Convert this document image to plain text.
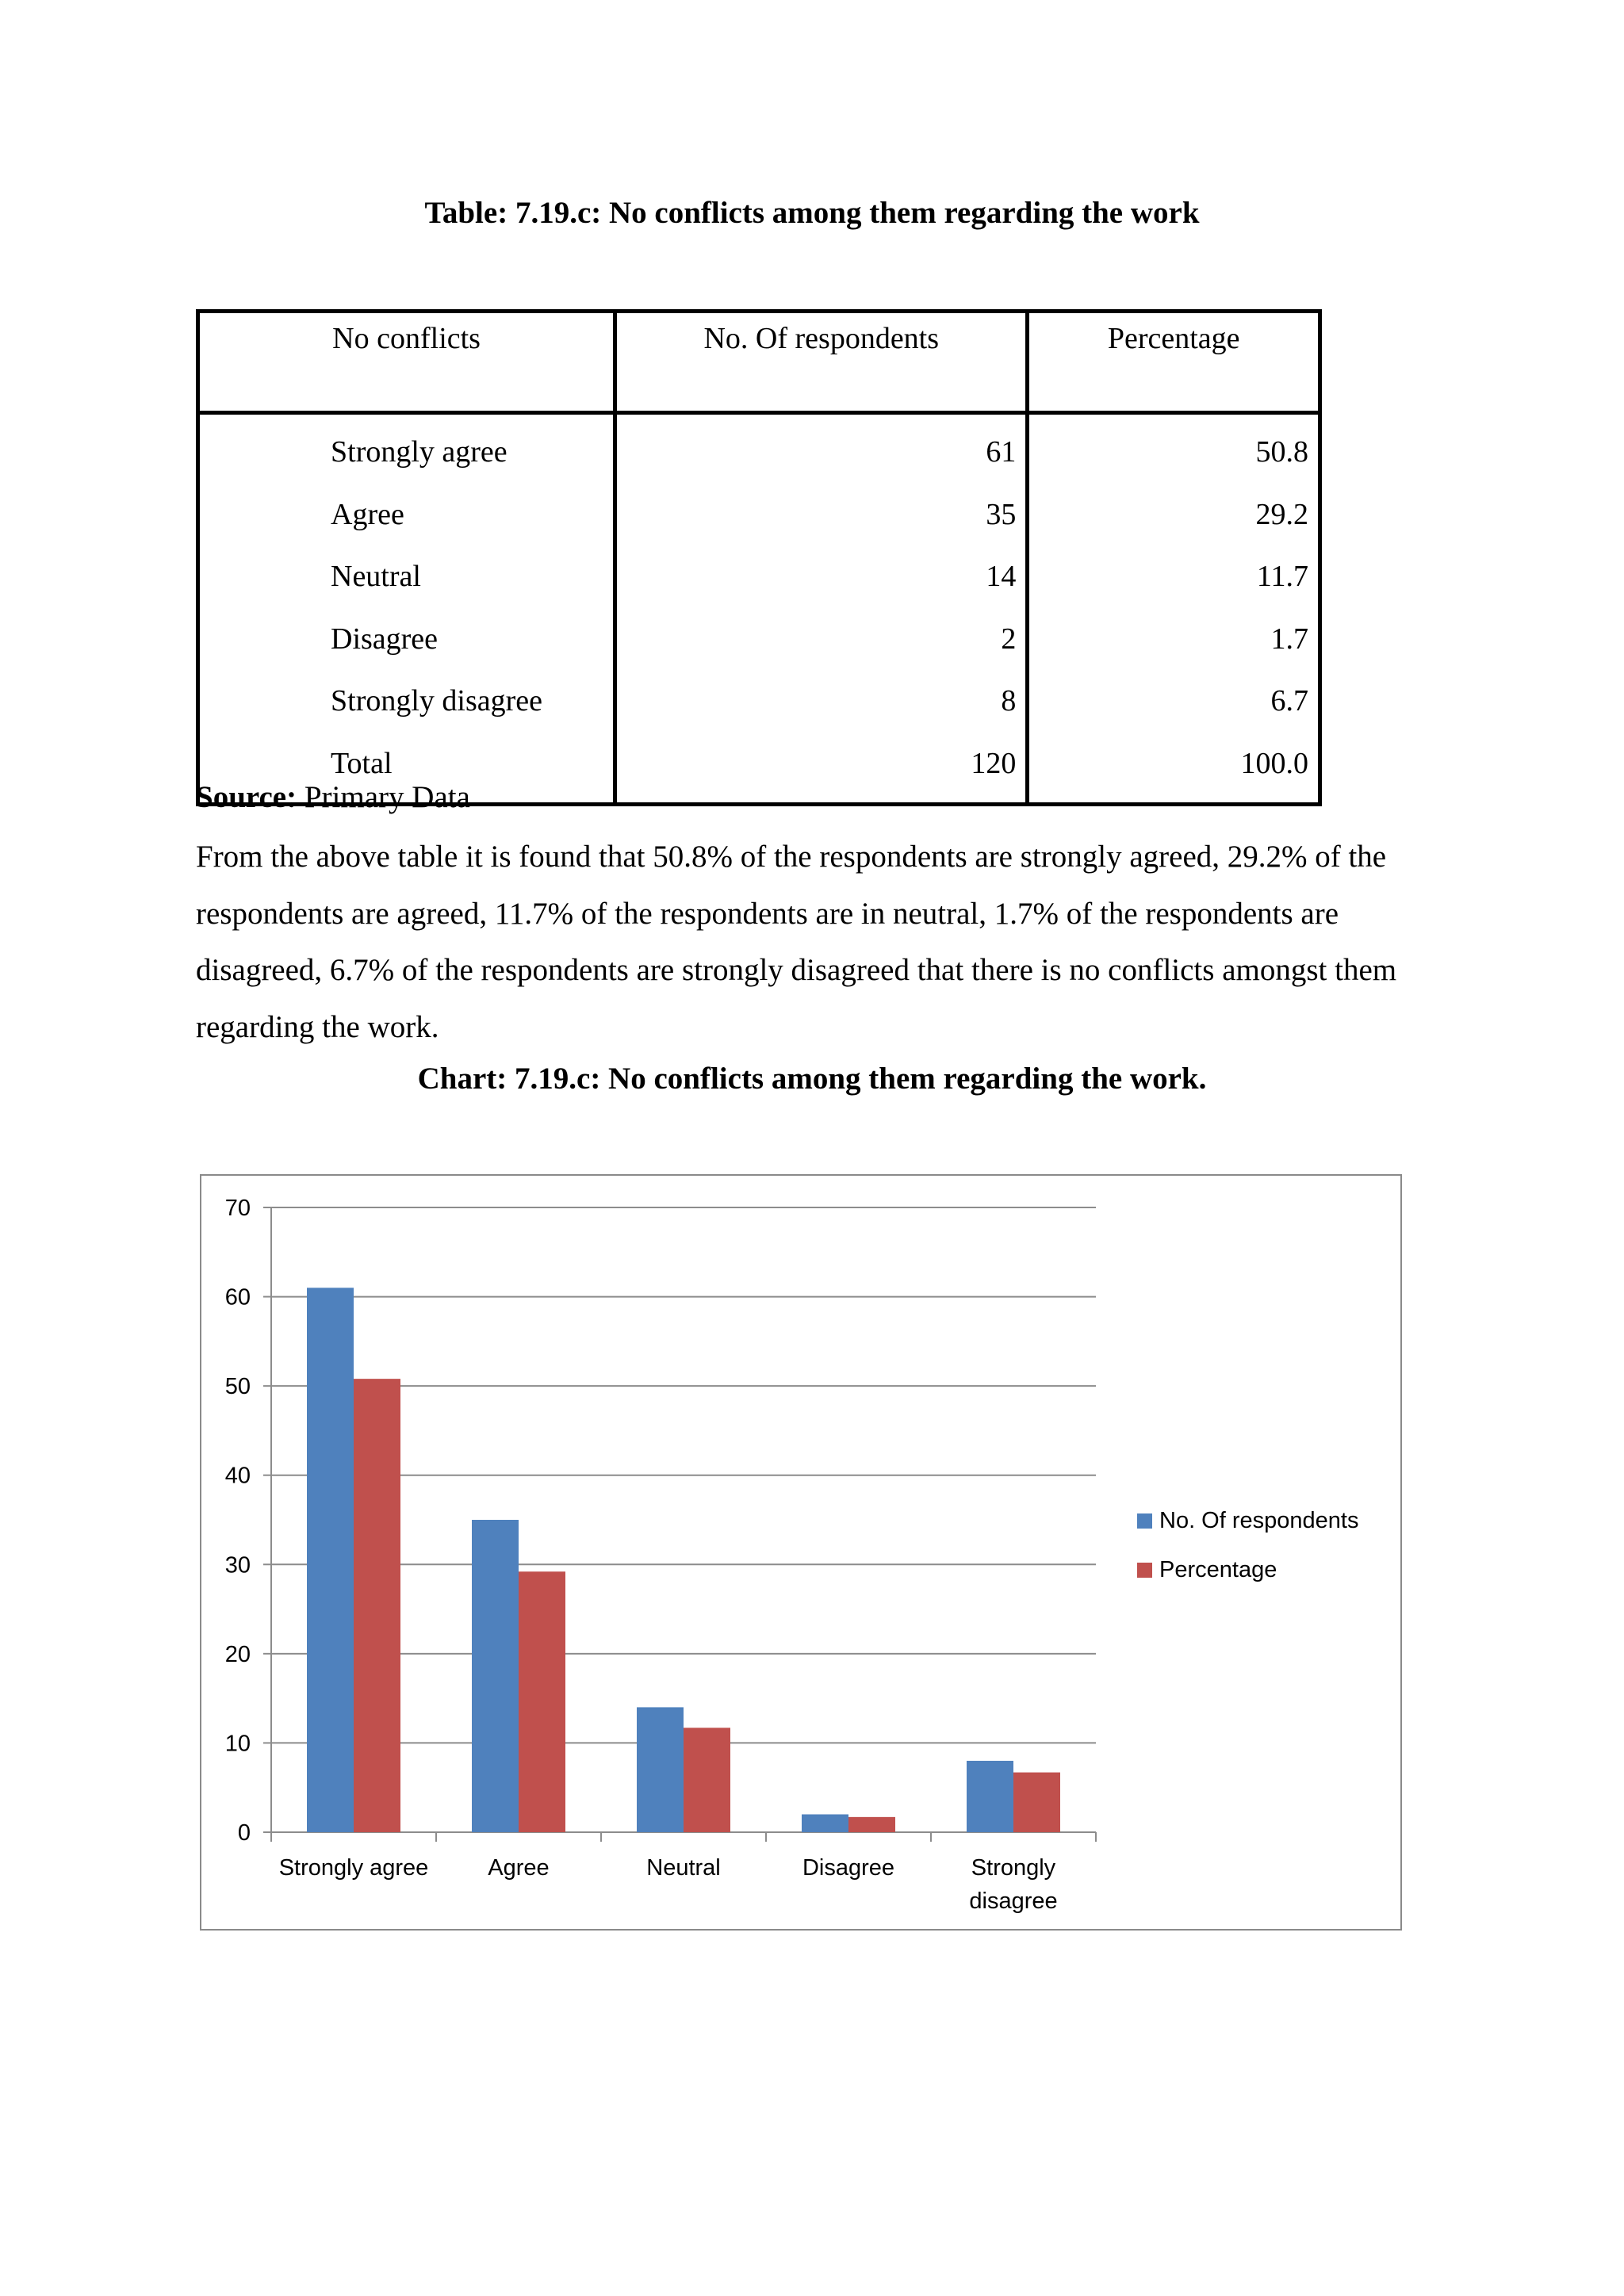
Table: 7.19.c: No conflicts among them regarding the work
No conflicts	No. Of respondents	Percentage
Strongly agree	61	50.8
Agree	35	29.2
Neutral	14	11.7
Disagree	2	1.7
Strongly disagree	8	6.7
Total	120	100.0
Source: Primary Data
From the above table it is found that 50.8% of the respondents are strongly agreed, 29.2% of the respondents are agreed, 11.7% of the respondents are in neutral, 1.7% of the respondents are disagreed, 6.7% of the respondents are strongly disagreed that there is no conflicts amongst them regarding the work.
Chart: 7.19.c: No conflicts among them regarding the work.
0
10
20
30
40
50
60
70
Strongly agree	Agree	Neutral	Disagree	Strongly disagree
No. Of respondents
Percentage
